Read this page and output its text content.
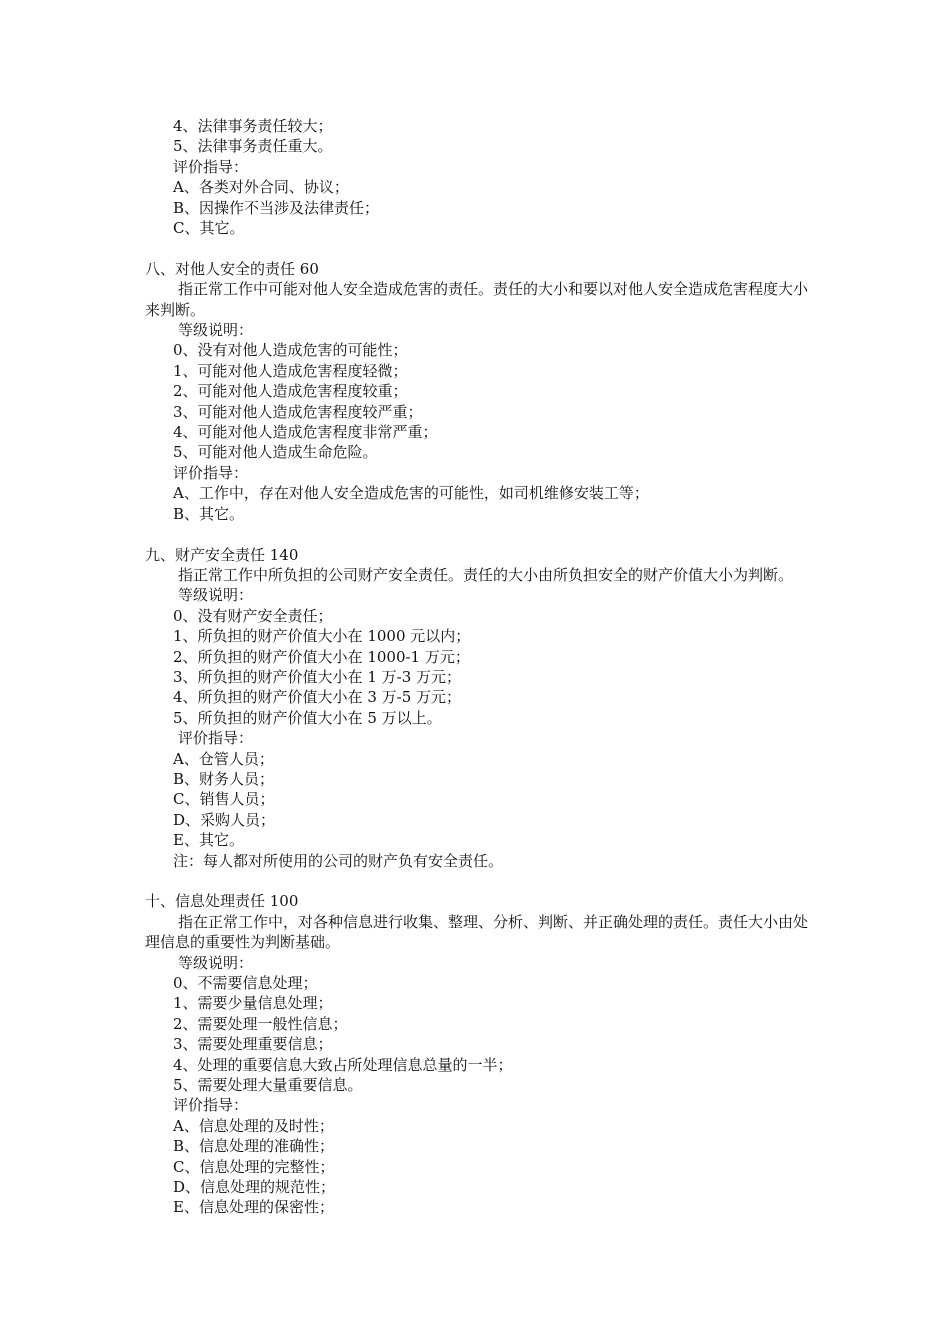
4、法律事务责任较大；

5、法律事务责任重大。

评价指导：

A、各类对外合同、协议；

B、因操作不当涉及法律责任；

C、其它。

八、对他人安全的责任 60

指正常工作中可能对他人安全造成危害的责任。责任的大小和要以对他人安全造成危害程度大小来判断。

等级说明：

0、没有对他人造成危害的可能性；

1、可能对他人造成危害程度轻微；

2、可能对他人造成危害程度较重；

3、可能对他人造成危害程度较严重；

4、可能对他人造成危害程度非常严重；

5、可能对他人造成生命危险。

评价指导：

A、工作中，存在对他人安全造成危害的可能性，如司机维修安装工等；

B、其它。

九、财产安全责任 140

指正常工作中所负担的公司财产安全责任。责任的大小由所负担安全的财产价值大小为判断。

等级说明：

0、没有财产安全责任；

1、所负担的财产价值大小在 1000 元以内；

2、所负担的财产价值大小在 1000-1 万元；

3、所负担的财产价值大小在 1 万-3 万元；

4、所负担的财产价值大小在 3 万-5 万元；

5、所负担的财产价值大小在 5 万以上。

评价指导：

A、仓管人员；

B、财务人员；

C、销售人员；

D、采购人员；

E、其它。

注：每人都对所使用的公司的财产负有安全责任。

十、信息处理责任 100

指在正常工作中，对各种信息进行收集、整理、分析、判断、并正确处理的责任。责任大小由处理信息的重要性为判断基础。

等级说明：

0、不需要信息处理；

1、需要少量信息处理；

2、需要处理一般性信息；

3、需要处理重要信息；

4、处理的重要信息大致占所处理信息总量的一半；

5、需要处理大量重要信息。

评价指导：

A、信息处理的及时性；

B、信息处理的准确性；

C、信息处理的完整性；

D、信息处理的规范性；

E、信息处理的保密性；
